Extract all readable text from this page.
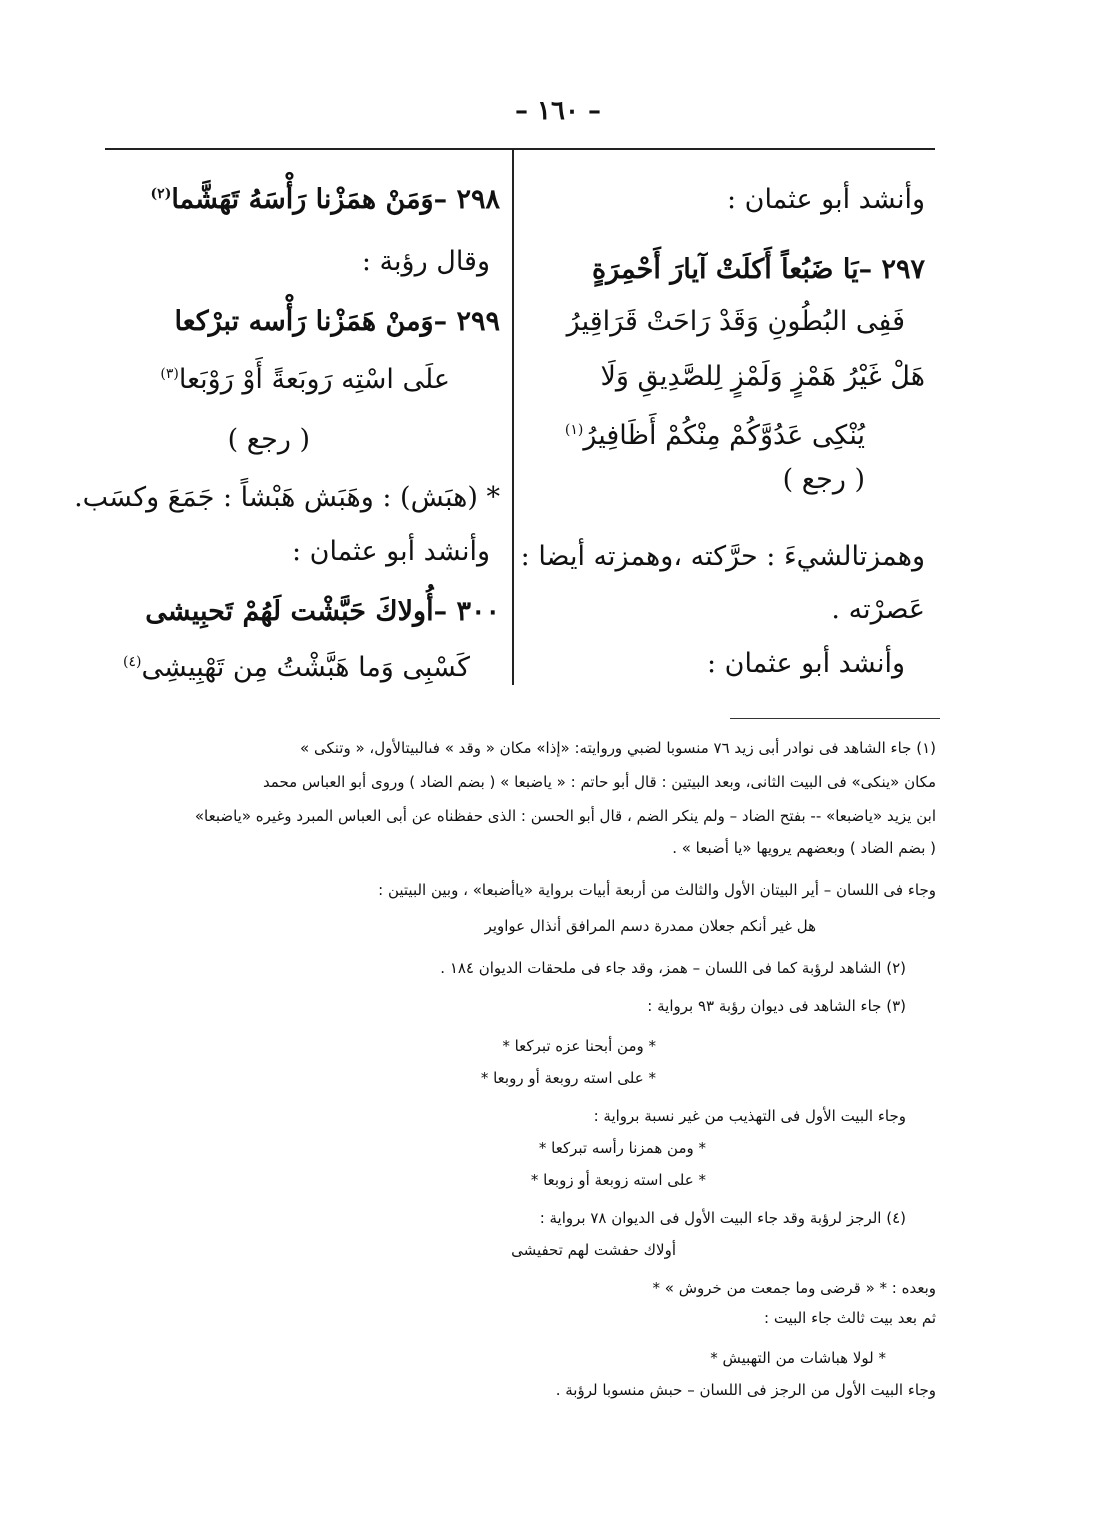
– ١٦٠ –
وأنشد أبو عثمان :
٢٩٧ –يَا ضَبُعاً أَكلَتْ آيارَ أَحْمِرَةٍ
فَفِى البُطُونِ وَقَدْ رَاحَتْ قَرَاقِيرُ
هَلْ غَيْرُ هَمْزٍ وَلَمْزٍ لِلصَّدِيقِ وَلَا
يُنْكِى عَدُوَّكُمْ مِنْكُمْ أَظَافِيرُ$^{(١)}$
( رجع )
وهمزتالشيءَ : حرَّكته ،وهمزته أيضا :
عَصرْته .
وأنشد أبو عثمان :
٢٩٨ –وَمَنْ همَزْنا رَأْسَهُ تَهَشَّما$^{(٢)}$
وقال رؤبة :
٢٩٩ –وَمنْ هَمَزْنا رَأْسه تبرْكعا
علَى اسْتِه رَوبَعةً أَوْ رَوْبَعا$^{(٣)}$
( رجع )
* (هبَش) : وهَبَش هَبْشاً : جَمَعَ وكسَب.
وأنشد أبو عثمان :
٣٠٠ –أُولاكَ حَبَّشْت لَهُمْ تَحبِيشى
كَسْبِى وَما هَبَّشْتُ مِن تَهْبِيشِى$^{(٤)}$
(١) جاء الشاهد فى نوادر أبى زيد ٧٦ منسوبا لضبي وروايته: «إذا» مكان « وقد » فىالبيتالأول، « وتنكى »
مكان «ينكى» فى البيت الثانى، وبعد البيتين : قال أبو حاتم : « ياضبعا » ( بضم الضاد ) وروى أبو العباس محمد
ابن يزيد «ياضبعا» -- بفتح الضاد – ولم ينكر الضم ، قال أبو الحسن : الذى حفظناه عن أبى العباس المبرد وغيره «ياضبعا»
( بضم الضاد ) وبعضهم يرويها «يا أضبعا » .
وجاء فى اللسان – أير البيتان الأول والثالث من أربعة أبيات برواية «ياأضبعا» ، وبين البيتين :
هل غير أنكم جعلان ممدرة دسم المرافق أنذال عواوير
(٢) الشاهد لرؤبة كما فى اللسان – همز، وقد جاء فى ملحقات الديوان ١٨٤ .
(٣) جاء الشاهد فى ديوان رؤبة ٩٣ برواية :
* ومن أبحنا عزه تبركعا *
* على استه روبعة أو روبعا *
وجاء البيت الأول فى التهذيب من غير نسبة برواية :
* ومن همزنا رأسه تبركعا *
* على استه زوبعة أو زوبعا *
(٤) الرجز لرؤبة وقد جاء البيت الأول فى الديوان ٧٨ برواية :
أولاك حفشت لهم تحفيشى
وبعده : * « قرضى وما جمعت من خروش » *
ثم بعد بيت ثالث جاء البيت :
* لولا هباشات من التهبيش *
وجاء البيت الأول من الرجز فى اللسان – حبش منسوبا لرؤبة .
